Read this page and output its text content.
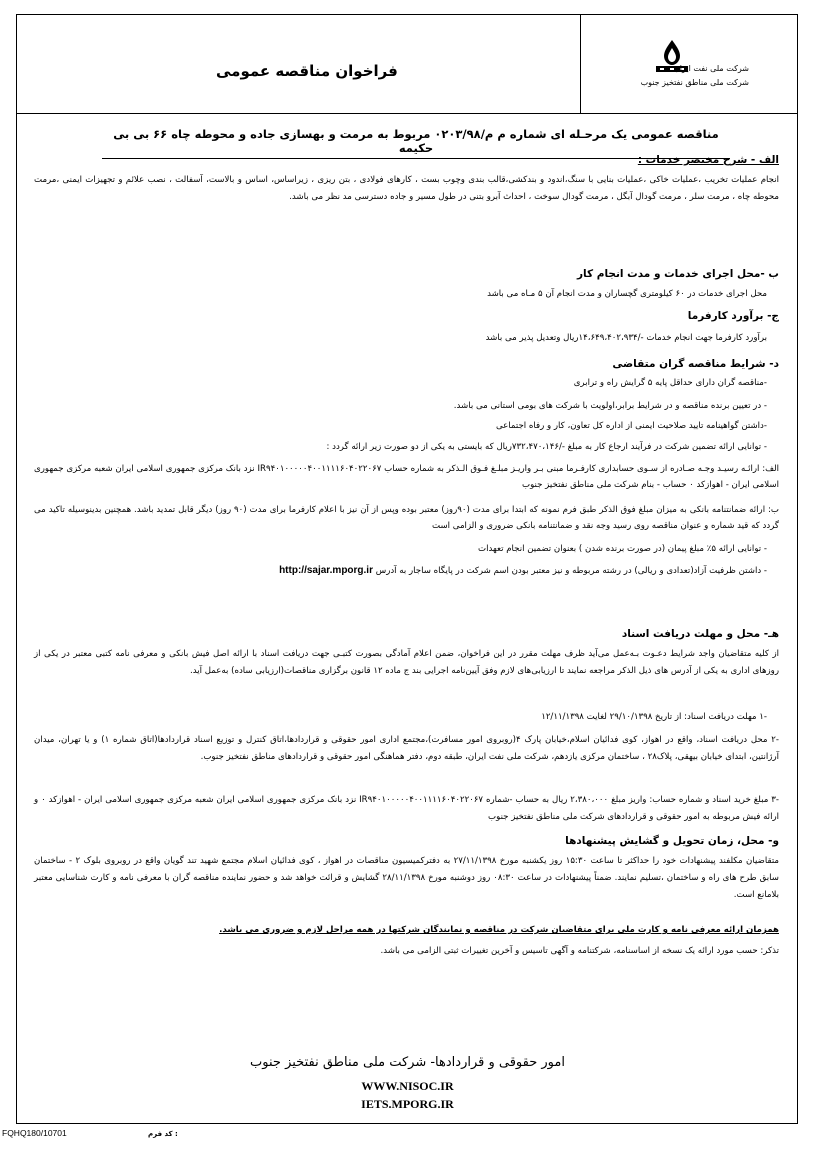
فراخوان مناقصه عمومی	شرکت ملی نفت ایران
شرکت ملی مناطق نفتخیز جنوب
مناقصه عمومی یک مرحـله ای شماره م م/۰۲۰۳/۹۸ مربوط به مرمت و بهسازی جاده و محوطه چاه ۶۶ بی بی حکیمه
الف - شرح مختصر خدمات :
انجام عملیات تخریب ،عملیات خاکی ،عملیات بنایی با سنگ،اندود و بندکشی،قالب بندی وچوب بست ، کارهای فولادی ، بتن ریزی ، زیراساس، اساس و بالاست، آسفالت ، نصب علائم و تجهیزات ایمنی ،مرمت محوطه چاه ، مرمت سلر ، مرمت گودال آبگل ، مرمت گودال سوخت ، احداث آبرو بتنی در طول مسیر و جاده دسترسی مد نظر می باشد.
ب -محل اجرای خدمات و مدت انجام کار
محل اجرای خدمات در ۶۰ کیلومتری گچساران و مدت انجام آن ۵ مـاه می باشد
ج- برآورد کارفرما
برآورد کارفرما جهت انجام خدمات -/۱۴،۶۴۹،۴۰۲،۹۳۴ریال وتعدیل پذیر می باشد
د- شرایط مناقصه گران متقاضی
-مناقصه گران دارای حداقل پایه ۵ گرایش راه و ترابری
- در تعیین برنده مناقصه و در شرایط برابر،اولویت با شرکت های بومی استانی می باشد.
-داشتن گواهینامه تایید صلاحیت ایمنی از اداره کل تعاون، کار و رفاه اجتماعی
- توانایی ارائه تضمین شرکت در فرآیند ارجاع کار به مبلغ -/۷۳۲،۴۷۰،۱۴۶ریال که بایستی به یکی از دو صورت زیر ارائه گردد :
الف: ارائـه رسیـد وجـه صـادره از سـوی حسابداری کارفـرما مبنی بـر واریـز مبلـغ فـوق الـذکر به شماره حساب IR۹۴۰۱۰۰۰۰۰۴۰۰۱۱۱۱۶۰۴۰۲۲۰۶۷ نزد بانک مرکزی جمهوری اسلامی ایران شعبه مرکزی جمهوری اسلامی ایران - اهوازکد ۰ حساب - بنام شرکت ملی مناطق نفتخیز جنوب
ب: ارائه ضمانتنامه بانکی به میزان مبلغ فوق الذکر طبق فرم نمونه که ابتدا برای مدت (۹۰روز) معتبر بوده وپس از آن نیز با اعلام کارفرما برای مدت (۹۰ روز) دیگر قابل تمدید باشد. همچنین بدینوسیله تاکید می گردد که قید شماره و عنوان مناقصه روی رسید وجه نقد و ضمانتنامه بانکی ضروری و الزامی است
- توانایی ارائه ۵٪ مبلغ پیمان (در صورت برنده شدن ) بعنوان تضمین انجام تعهدات
- داشتن ظرفیت آزاد(تعدادی و ریالی) در رشته مربوطه و نیز معتبر بودن اسم شرکت در پایگاه ساجار به آدرس http://sajar.mporg.ir
هـ- محل و مهلت دریافت اسناد
از کلیه متقاضیان واجد شرایط دعـوت بـه‌عمل می‌آید ظرف مهلت مقرر در این فراخوان، ضمن اعلام آمادگی بصورت کتبـی جهت دریافت اسناد با ارائه اصل فیش بانکی و معرفی نامه کتبی معتبر در یکی از روزهای اداری به یکی از آدرس های ذیل الذکر مراجعه نمایند تا ارزیابی‌های لازم وفق آیین‌نامه اجرایی بند ج ماده ۱۲ قانون برگزاری مناقصات(ارزیابی ساده) به‌عمل آید.
-۱ مهلت دریافت اسناد: از تاریخ ۲۹/۱۰/۱۳۹۸ لغایت ۱۲/۱۱/۱۳۹۸
-۲ محل دریافت اسناد، واقع در اهواز، کوی فدائیان اسلام،خیابان پارک ۴(روبروی امور مسافرت)،مجتمع اداری امور حقوقی و قراردادها،اتاق کنترل و توزیع اسناد قراردادها(اتاق شماره ۱) و یا تهران، میدان آرژانتین، ابتدای خیابان بیهقی، پلاک۲۸ ، ساختمان مرکزی یازدهم، شرکت ملی نفت ایران، طبقه دوم، دفتر هماهنگی امور حقوقی و قراردادهای مناطق نفتخیز جنوب.
-۳ مبلغ خرید اسناد و شماره حساب: واریز مبلغ ۲،۳۸۰،۰۰۰ ریال به حساب -شماره IR۹۴۰۱۰۰۰۰۰۴۰۰۱۱۱۱۶۰۴۰۲۲۰۶۷ نزد بانک مرکزی جمهوری اسلامی ایران شعبه مرکزی جمهوری اسلامی ایران - اهوازکد ۰ و ارائه فیش مربوطه به امور حقوقی و قراردادهای شرکت ملی مناطق نفتخیز جنوب
و- محل، زمان تحویل و گشایش پیشنهادها
متقاضیان مکلفند پیشنهادات خود را حداکثر تا ساعت ۱۵:۳۰ روز یکشنبه مورخ ۲۷/۱۱/۱۳۹۸ به دفترکمیسیون مناقصات در اهواز ، کوی فدائیان اسلام مجتمع شهید تند گویان واقع در روبروی بلوک ۲ - ساختمان سابق طرح های راه و ساختمان ،تسلیم نمایند. ضمناً پیشنهادات در ساعت ۰۸:۳۰ روز دوشنبه مورخ ۲۸/۱۱/۱۳۹۸ گشایش و قرائت خواهد شد و حضور نماینده مناقصه گران با معرفی نامه و کارت شناسایی معتبر بلامانع است.
همزمان ارائه معرفی نامه و کارت ملی برای متقاضیان شرکت در مناقصه و نمایندگان شرکتها در همه مراحل لازم و ضروری می باشد.
تذکر: حسب مورد ارائه یک نسخه از اساسنامه، شرکتنامه و آگهی تاسیس و آخرین تغییرات ثبتی الزامی می باشد.
امور حقوقی و قراردادها- شرکت ملی مناطق نفتخیز جنوب
WWW.NISOC.IR
IETS.MPORG.IR
FQHQ180/10701	کد فرم :
